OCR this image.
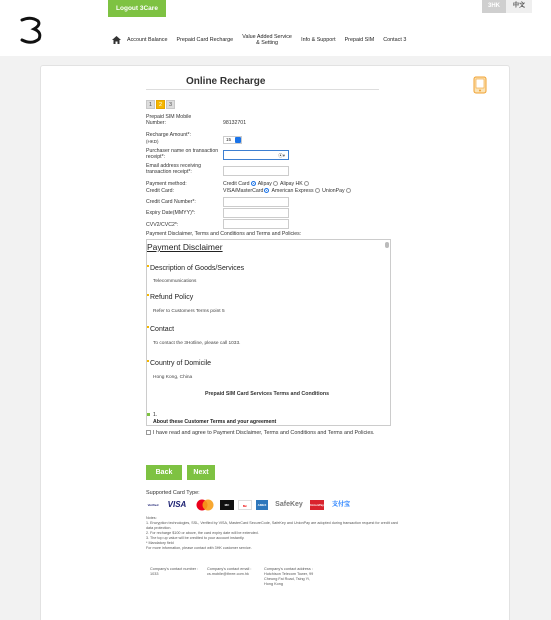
Logout 3Care	3HK	中文
Account Balance Prepaid Card Recharge
Value Added Service & Setting
Info & Support Prepaid SIM Contact 3
Online Recharge
1	2	3
Prepaid SIM Mobile Number:	98132701
Recharge Amount*:
(HKD)	15
Purchaser name on transaction receipt*:	⦿▾
Email address receiving transaction receipt*:
Payment method:	Credit Card Alipay Alipay HK
Credit Card:	VISA/MasterCard American Express UnionPay
Credit Card Number*:
Expiry Date(MMYY)*:
CVV2/CVC2*:
Payment Disclaimer, Terms and Conditions and Terms and Policies:
Payment Disclaimer
Description of Goods/Services
Telecommunications
Refund Policy
Refer to Customers Terms point 5
Contact
To contact the 3Hotline, please call 1033.
Country of Domicile
Hong Kong, China
Prepaid SIM Card Services Terms and Conditions
1.
About these Customer Terms and your agreement
I have read and agree to Payment Disclaimer, Terms and Conditions and Terms and Policies.
Back	Next
Supported Card Type:
Verified	VISA	MC	Mc	AMEX	SafeKey	UnionPay	支付宝
Notes:
1. Encryption technologies, SSL, Verified by VISA, MasterCard SecureCode, SafeKey and UnionPay are adopted during transaction request for credit card data protection.
2. For recharge $100 or above, the card expiry date will be extended.
3. The top up value will be credited to your account instantly.
* Mandatory field
For more information, please contact with 3HK customer service.
Company's contact number :
1033
Company's contact email :
cs.mobile@three.com.hk
Company's contact address :
Hutchison Telecom Tower, 99 Cheung Fai Road, Tsing Yi, Hong Kong
